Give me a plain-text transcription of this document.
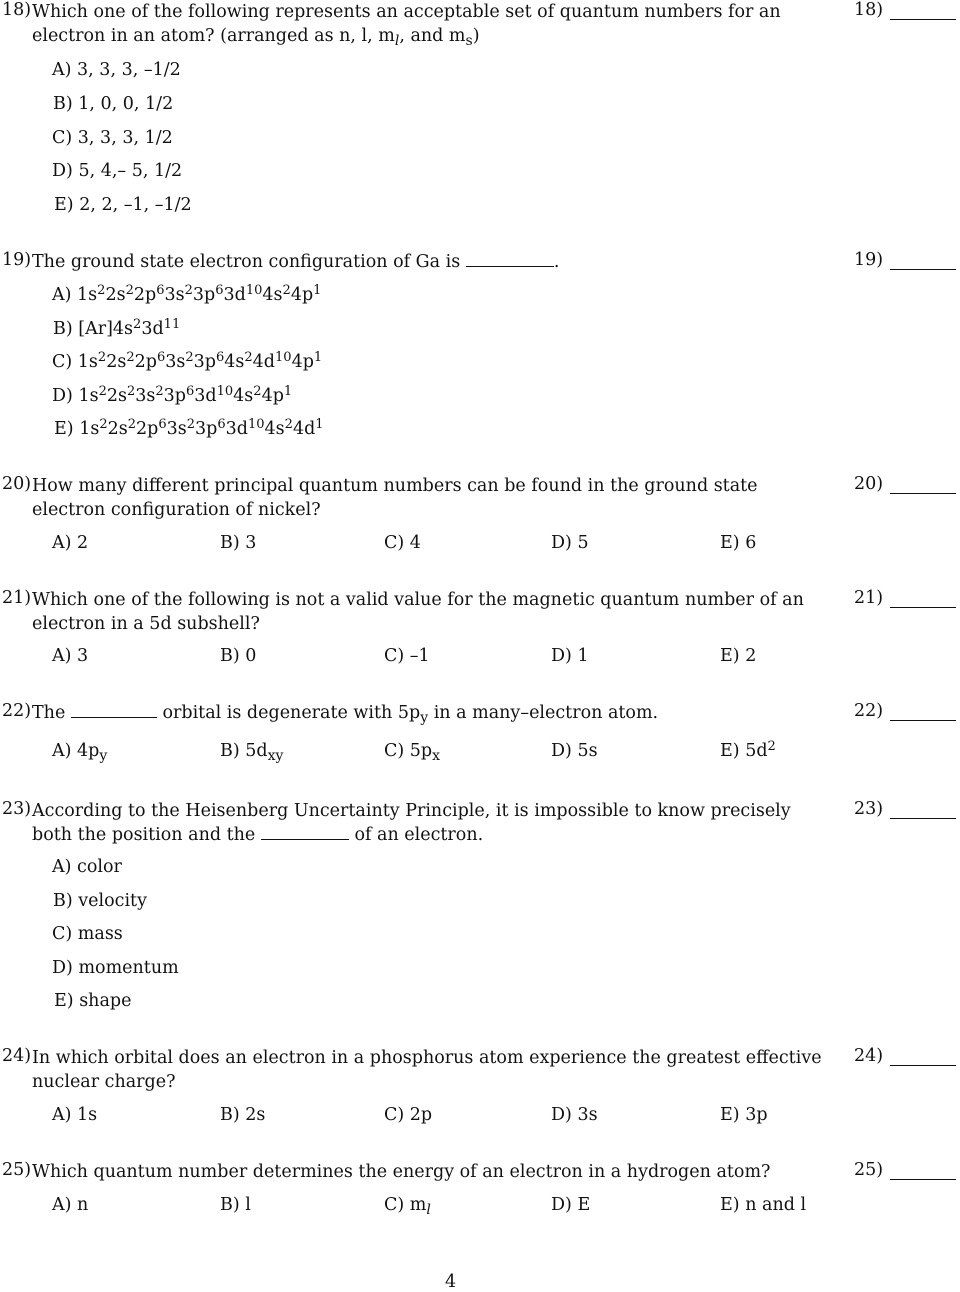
18) Which one of the following represents an acceptable set of quantum numbers for an electron in an atom? (arranged as n, l, $m_l$, and $m_s$)
18)
A) 3, 3, 3, –1/2
B) 1, 0, 0, 1/2
C) 3, 3, 3, 1/2
D) 5, 4,– 5, 1/2
E) 2, 2, –1, –1/2
19) The ground state electron configuration of Ga is	.	19)
A) $1s^22s^22p^63s^23p^63d^{10}4s^24p^1$
B) $[Ar]4s^23d^{11}$
C) $1s^22s^22p^63s^23p^64s^24d^{10}4p^1$
D) $1s^22s^23s^23p^63d^{10}4s^24p^1$
E) $1s^22s^22p^63s^23p^63d^{10}4s^24d^1$
20) How many different principal quantum numbers can be found in the ground state electron configuration of nickel?
20)
A) 2	B) 3	C) 4	D) 5	E) 6
21) Which one of the following is not a valid value for the magnetic quantum number of an electron in a 5d subshell?
21)
A) 3	B) 0	C) –1	D) 1	E) 2
22) The	orbital is degenerate with $5p_y$ in a many–electron atom.	22)
A) $4p_y$	B) $5d_{xy}$	C) $5p_x$	D) 5s	E) $5d^2$
23) According to the Heisenberg Uncertainty Principle, it is impossible to know precisely both the position and the	of an electron.
23)
A) color
B) velocity
C) mass
D) momentum
E) shape
24) In which orbital does an electron in a phosphorus atom experience the greatest effective nuclear charge?
24)
A) 1s	B) 2s	C) 2p	D) 3s	E) 3p
25) Which quantum number determines the energy of an electron in a hydrogen atom?	25)
A) n	B) l	C) $m_l$	D) E	E) n and l
4
